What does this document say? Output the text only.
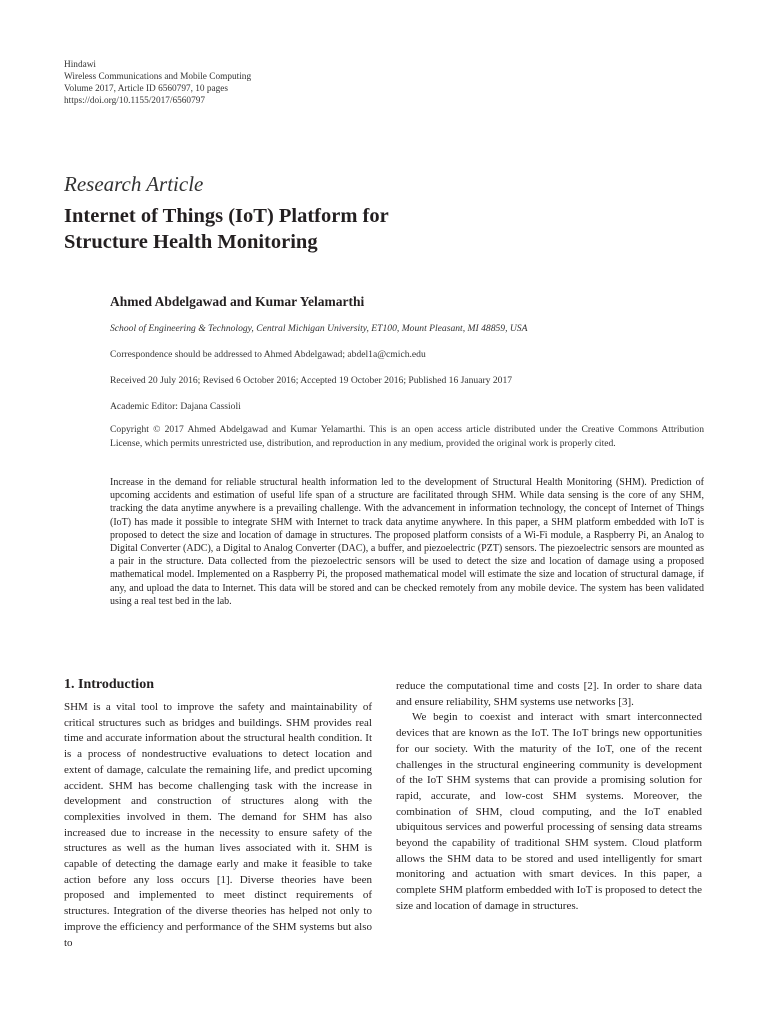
Hindawi
Wireless Communications and Mobile Computing
Volume 2017, Article ID 6560797, 10 pages
https://doi.org/10.1155/2017/6560797
Research Article
Internet of Things (IoT) Platform for
Structure Health Monitoring
Ahmed Abdelgawad and Kumar Yelamarthi
School of Engineering & Technology, Central Michigan University, ET100, Mount Pleasant, MI 48859, USA
Correspondence should be addressed to Ahmed Abdelgawad; abdel1a@cmich.edu
Received 20 July 2016; Revised 6 October 2016; Accepted 19 October 2016; Published 16 January 2017
Academic Editor: Dajana Cassioli
Copyright © 2017 Ahmed Abdelgawad and Kumar Yelamarthi. This is an open access article distributed under the Creative Commons Attribution License, which permits unrestricted use, distribution, and reproduction in any medium, provided the original work is properly cited.
Increase in the demand for reliable structural health information led to the development of Structural Health Monitoring (SHM). Prediction of upcoming accidents and estimation of useful life span of a structure are facilitated through SHM. While data sensing is the core of any SHM, tracking the data anytime anywhere is a prevailing challenge. With the advancement in information technology, the concept of Internet of Things (IoT) has made it possible to integrate SHM with Internet to track data anytime anywhere. In this paper, a SHM platform embedded with IoT is proposed to detect the size and location of damage in structures. The proposed platform consists of a Wi-Fi module, a Raspberry Pi, an Analog to Digital Converter (ADC), a Digital to Analog Converter (DAC), a buffer, and piezoelectric (PZT) sensors. The piezoelectric sensors are mounted as a pair in the structure. Data collected from the piezoelectric sensors will be used to detect the size and location of damage using a proposed mathematical model. Implemented on a Raspberry Pi, the proposed mathematical model will estimate the size and location of structural damage, if any, and upload the data to Internet. This data will be stored and can be checked remotely from any mobile device. The system has been validated using a real test bed in the lab.
1. Introduction

SHM is a vital tool to improve the safety and maintainability of critical structures such as bridges and buildings. SHM provides real time and accurate information about the structural health condition. It is a process of nondestructive evaluations to detect location and extent of damage, calculate the remaining life, and predict upcoming accident. SHM has become challenging task with the increase in development and construction of structures along with the complexities involved in them. The demand for SHM has also increased due to increase in the necessity to ensure safety of the structures as well as the human lives associated with it. SHM is capable of detecting the damage early and make it feasible to take action before any loss occurs [1]. Diverse theories have been proposed and implemented to meet distinct requirements of structures. Integration of the diverse theories has helped not only to improve the efficiency and performance of the SHM systems but also to

reduce the computational time and costs [2]. In order to share data and ensure reliability, SHM systems use networks [3].

We begin to coexist and interact with smart interconnected devices that are known as the IoT. The IoT brings new opportunities for our society. With the maturity of the IoT, one of the recent challenges in the structural engineering community is development of the IoT SHM systems that can provide a promising solution for rapid, accurate, and low-cost SHM systems. Moreover, the combination of SHM, cloud computing, and the IoT enabled ubiquitous services and powerful processing of sensing data streams beyond the capability of traditional SHM system. Cloud platform allows the SHM data to be stored and used intelligently for smart monitoring and actuation with smart devices. In this paper, a complete SHM platform embedded with IoT is proposed to detect the size and location of damage in structures.
